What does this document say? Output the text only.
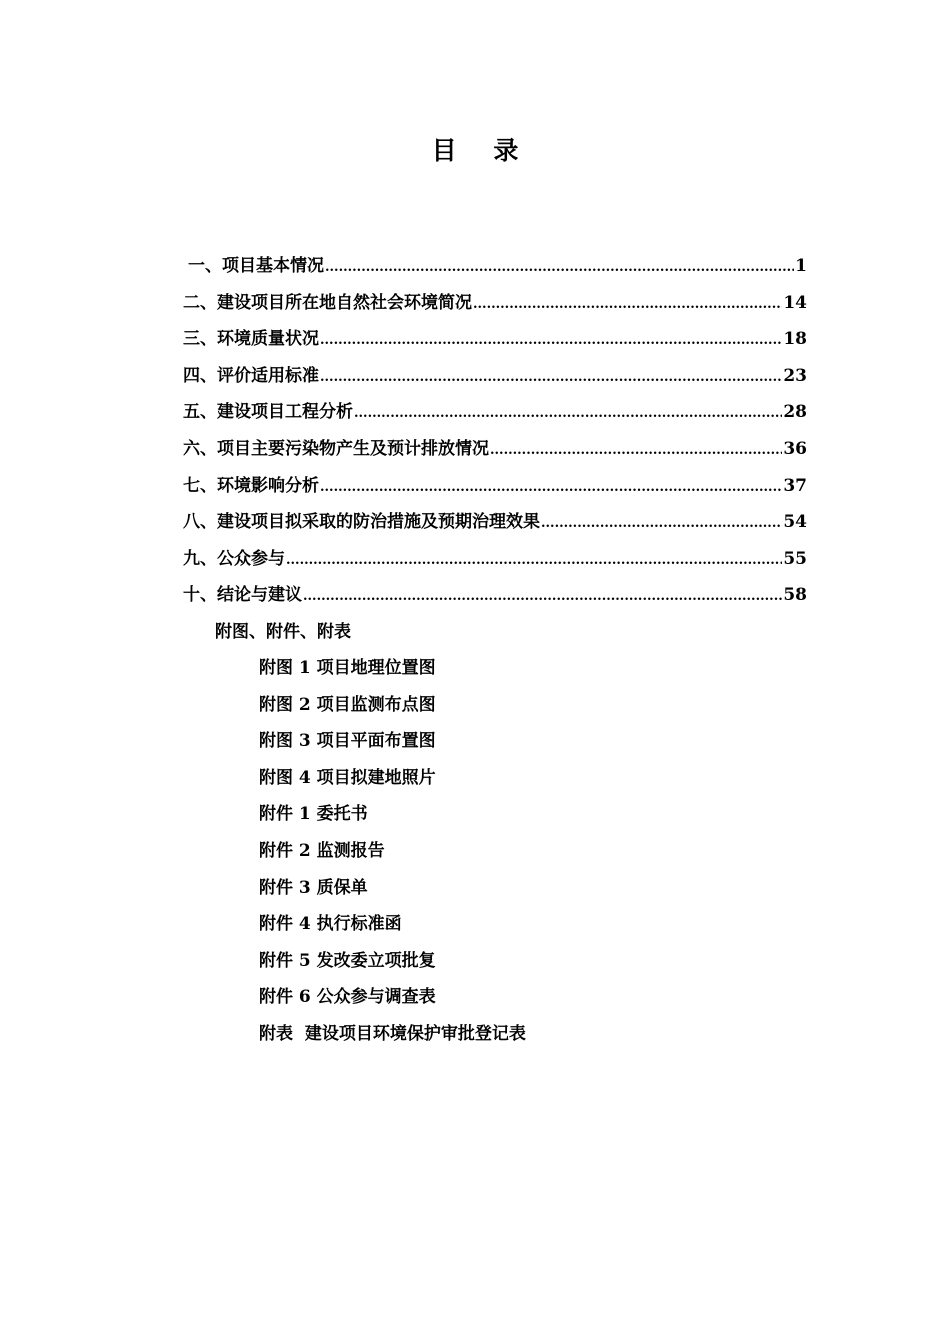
目 录
一、项目基本情况 .....	1
二、建设项目所在地自然社会环境简况 .....	14
三、环境质量状况 .....	18
四、评价适用标准 .....	23
五、建设项目工程分析 .....	28
六、项目主要污染物产生及预计排放情况 .....	36
七、环境影响分析 .....	37
八、建设项目拟采取的防治措施及预期治理效果 .....	54
九、公众参与 .....	55
十、结论与建议 .....	58
附图、附件、附表
附图 1 项目地理位置图
附图 2 项目监测布点图
附图 3 项目平面布置图
附图 4 项目拟建地照片
附件 1 委托书
附件 2 监测报告
附件 3 质保单
附件 4 执行标准函
附件 5 发改委立项批复
附件 6 公众参与调查表
附表  建设项目环境保护审批登记表
